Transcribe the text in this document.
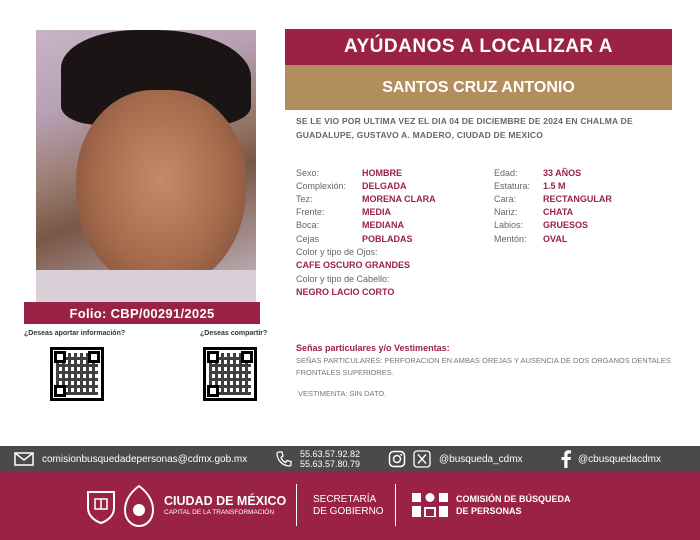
Folio: CBP/00291/2025
¿Deseas aportar información?	¿Deseas compartir?
AYÚDANOS A LOCALIZAR A
SANTOS CRUZ ANTONIO
SE LE VIO POR ULTIMA VEZ EL DIA 04 DE DICIEMBRE DE 2024 EN CHALMA DE GUADALUPE, GUSTAVO A. MADERO, CIUDAD DE MEXICO
Sexo:	HOMBRE
Complexión: DELGADA
Tez:	MORENA CLARA
Frente:	MEDIA
Boca:	MEDIANA
Cejas	POBLADAS
Color y tipo de Ojos:
CAFE OSCURO GRANDES
Color y tipo de Cabello:
NEGRO LACIO CORTO
Edad:	33 AÑOS
Estatura: 1.5 M
Cara:	RECTANGULAR
Nariz:	CHATA
Labios: GRUESOS
Mentón: OVAL
Señas particulares y/o Vestimentas:
SEÑAS PARTICULARES: PERFORACION EN AMBAS OREJAS Y AUSENCIA DE DOS ORGANOS DENTALES FRONTALES SUPERIORES.
VESTIMENTA: SIN DATO.
comisionbusquedadepersonas@cdmx.gob.mx	55.63.57.92.82
55.63.57.80.79	@busqueda_cdmx	@cbusquedacdmx
CIUDAD DE MÉXICO
CAPITAL DE LA TRANSFORMACIÓN
SECRETARÍA
DE GOBIERNO
COMISIÓN DE BÚSQUEDA
DE PERSONAS
